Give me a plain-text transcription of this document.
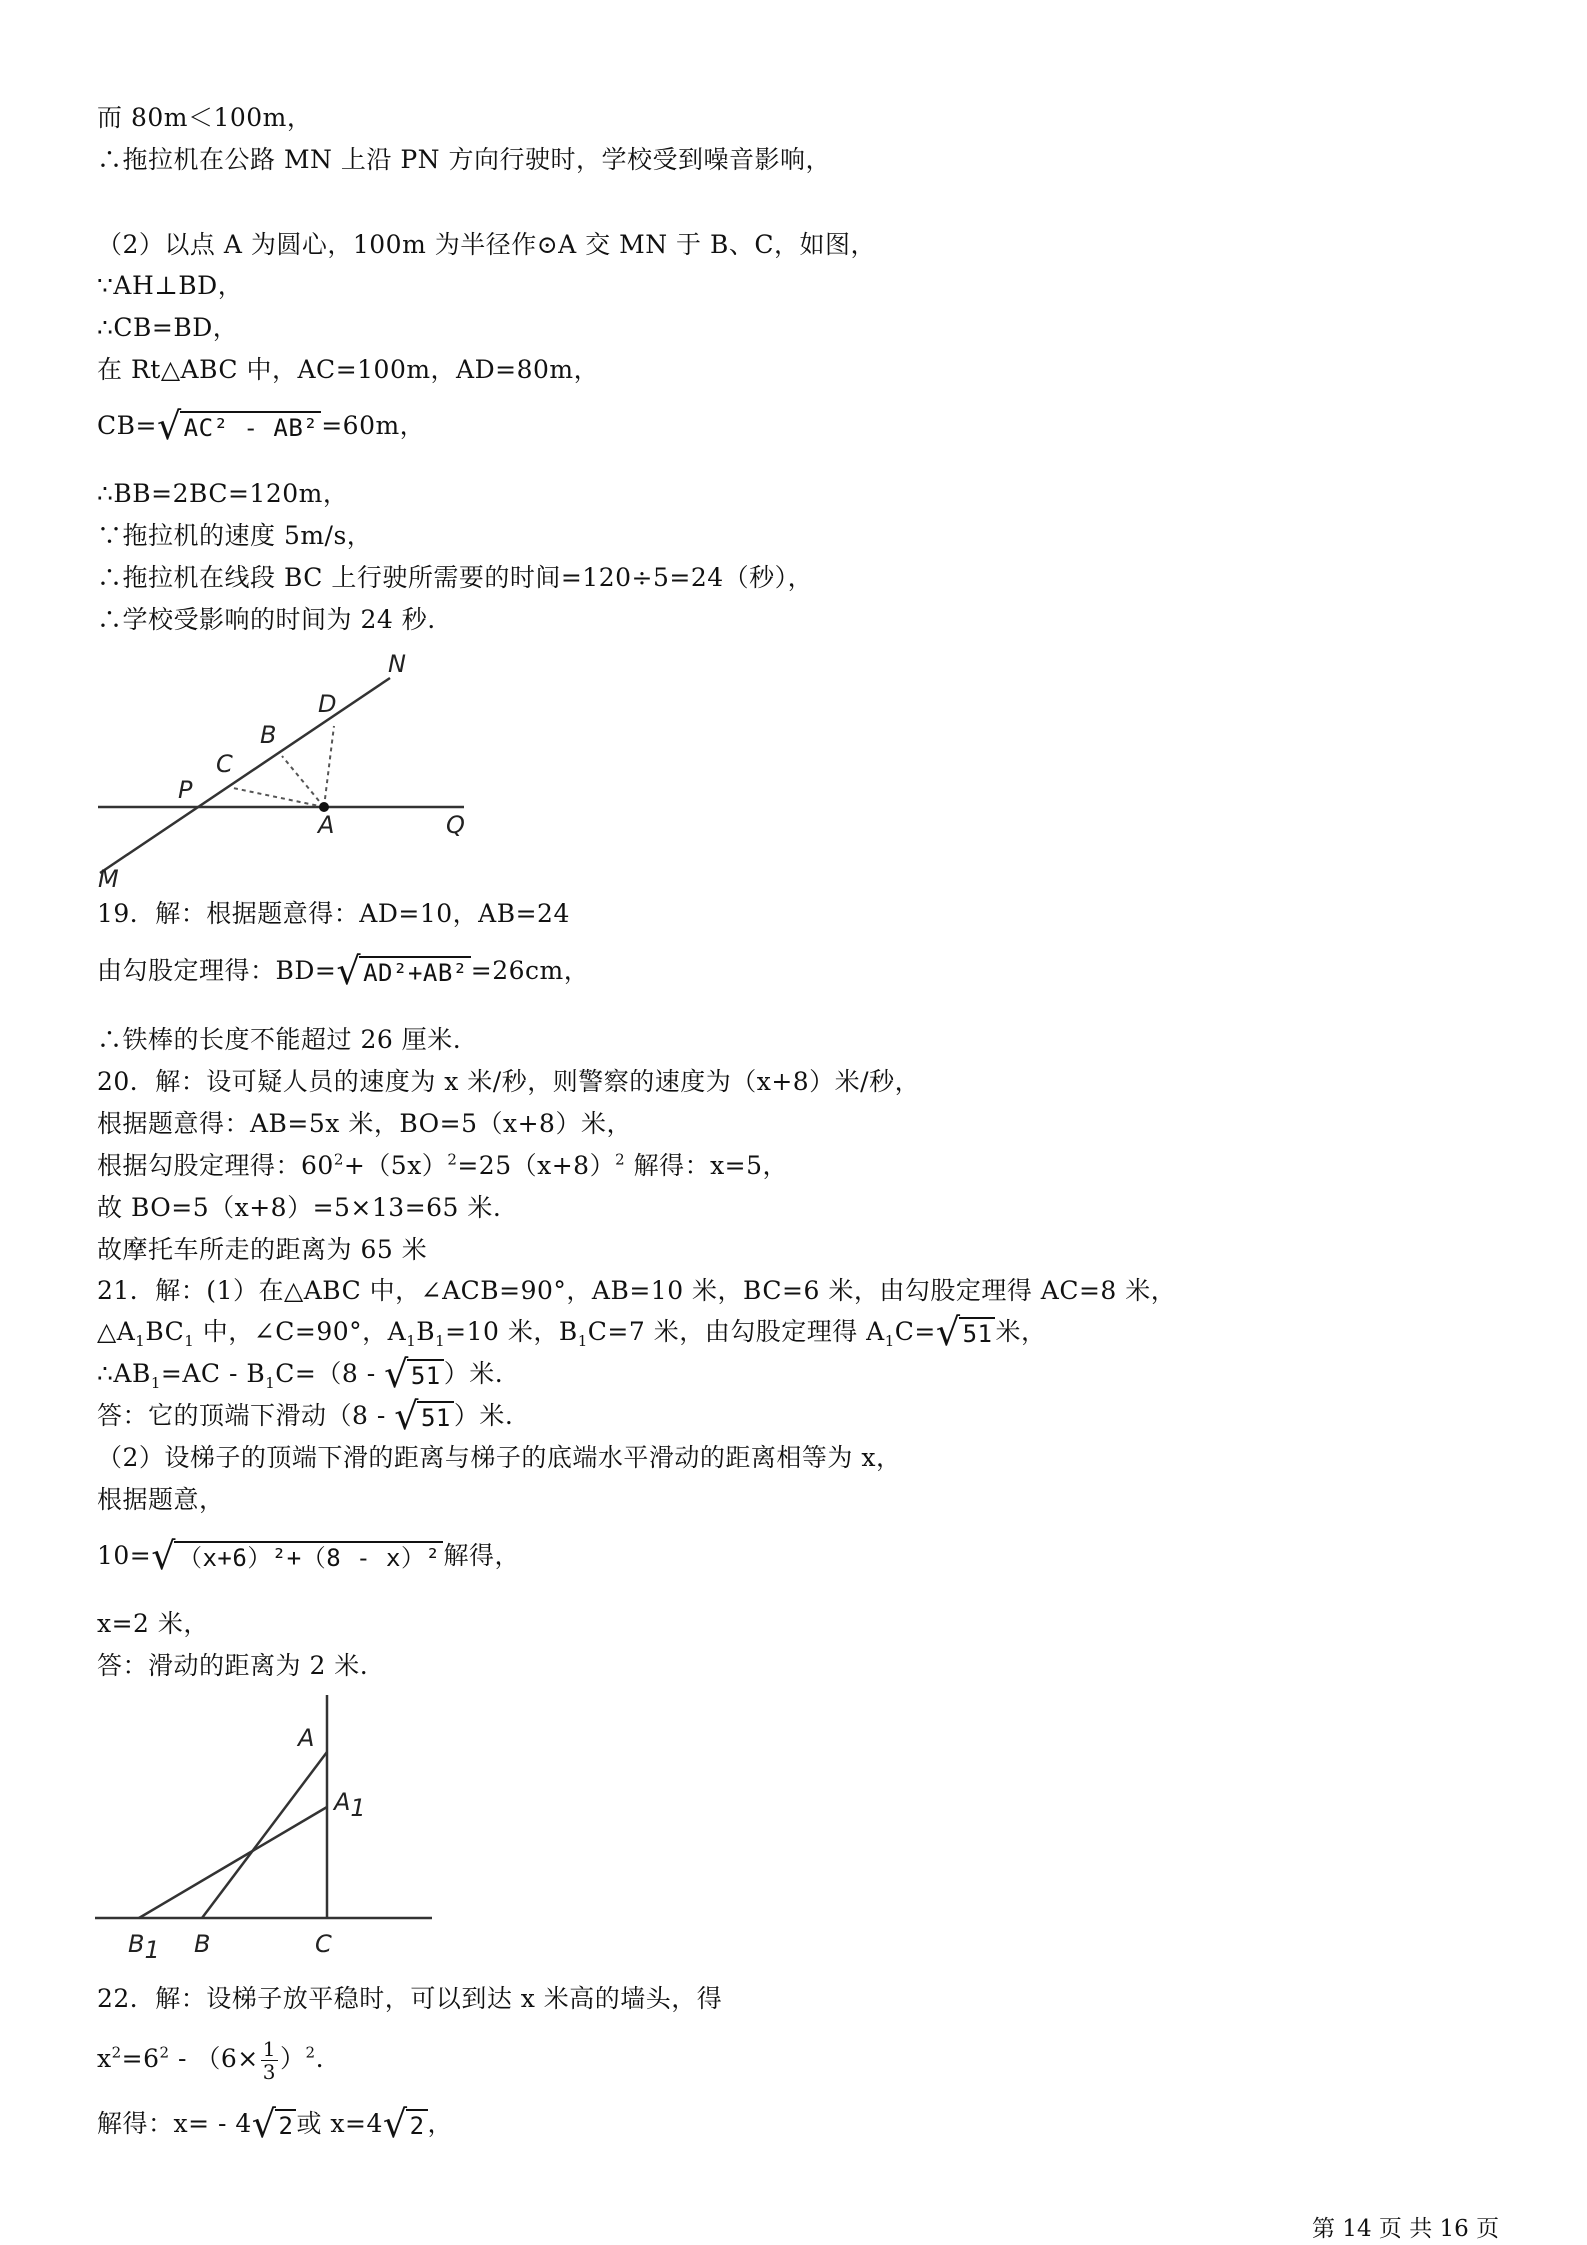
而 80m＜100m，
∴拖拉机在公路 MN 上沿 PN 方向行驶时，学校受到噪音影响，
（2）以点 A 为圆心，100m 为半径作⊙A 交 MN 于 B、C，如图，
∵AH⊥BD，
∴CB=BD，
在 Rt△ABC 中，AC=100m，AD=80m，
CB=√AC² - AB² =60m，
∴BB=2BC=120m，
∵拖拉机的速度 5m/s，
∴拖拉机在线段 BC 上行驶所需要的时间=120÷5=24（秒），
∴学校受影响的时间为 24 秒.
N
D
B
C
P
A	Q
M
19．解：根据题意得：AD=10，AB=24
由勾股定理得：BD=√AD²+AB² =26cm，
∴铁棒的长度不能超过 26 厘米.
20．解：设可疑人员的速度为 x 米/秒，则警察的速度为（x+8）米/秒，
根据题意得：AB=5x 米，BO=5（x+8）米，
根据勾股定理得：$60^2+(5x)^2=25(x+8)^2$ 解得：x=5，
故 BO=5（x+8）=5×13=65 米.
故摩托车所走的距离为 65 米
21．解：(1）在△ABC 中，∠ACB=90°，AB=10 米，BC=6 米，由勾股定理得 AC=8 米，
$\triangle A_1BC_1$ 中，∠C=90°，$A_1B_1=10$ 米，$B_1C=7$ 米，由勾股定理得 $A_1C=√51$ 米，
$\therefore AB_1=AC - B_1C=(8 - √51$ ）米.
答：它的顶端下滑动（8 - √51 ）米.
（2）设梯子的顶端下滑的距离与梯子的底端水平滑动的距离相等为 x，
根据题意，
10=√（x+6）²+（8 - x）² 解得，
x=2 米，
答：滑动的距离为 2 米.
A
A1
B1 B	C
22．解：设梯子放平稳时，可以到达 x 米高的墙头，得
$x^2=6^2 - (6\times \frac{1}{3} )^2$.
解得：x= - 4√2 或 x=4√2 ，
第 14 页 共 16 页
